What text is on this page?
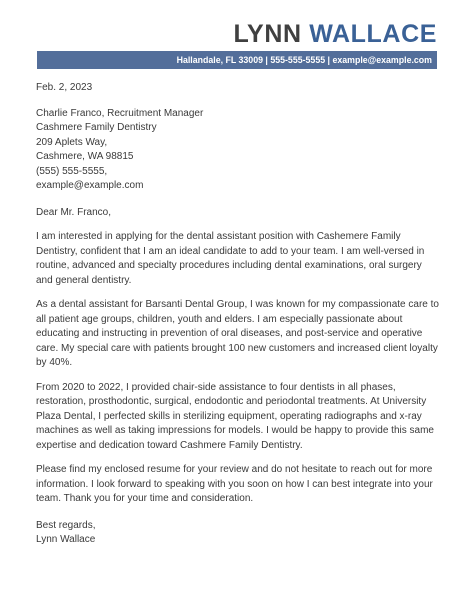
LYNN WALLACE
Hallandale, FL 33009 | 555-555-5555 | example@example.com

Feb. 2, 2023

Charlie Franco, Recruitment Manager
Cashmere Family Dentistry
209 Aplets Way,
Cashmere, WA 98815
(555) 555-5555,
example@example.com

Dear Mr. Franco,

I am interested in applying for the dental assistant position with Cashemere Family Dentistry, confident that I am an ideal candidate to add to your team. I am well-versed in routine, advanced and specialty procedures including dental examinations, oral surgery and general dentistry.

As a dental assistant for Barsanti Dental Group, I was known for my compassionate care to all patient age groups, children, youth and elders. I am especially passionate about educating and instructing in prevention of oral diseases, and post-service and operative care. My special care with patients brought 100 new customers and increased client loyalty by 40%.

From 2020 to 2022, I provided chair-side assistance to four dentists in all phases, restoration, prosthodontic, surgical, endodontic and periodontal treatments. At University Plaza Dental, I perfected skills in sterilizing equipment, operating radiographs and x-ray machines as well as taking impressions for models. I would be happy to provide this same expertise and dedication toward Cashmere Family Dentistry.

Please find my enclosed resume for your review and do not hesitate to reach out for more information. I look forward to speaking with you soon on how I can best integrate into your team. Thank you for your time and consideration.

Best regards,

Lynn Wallace
